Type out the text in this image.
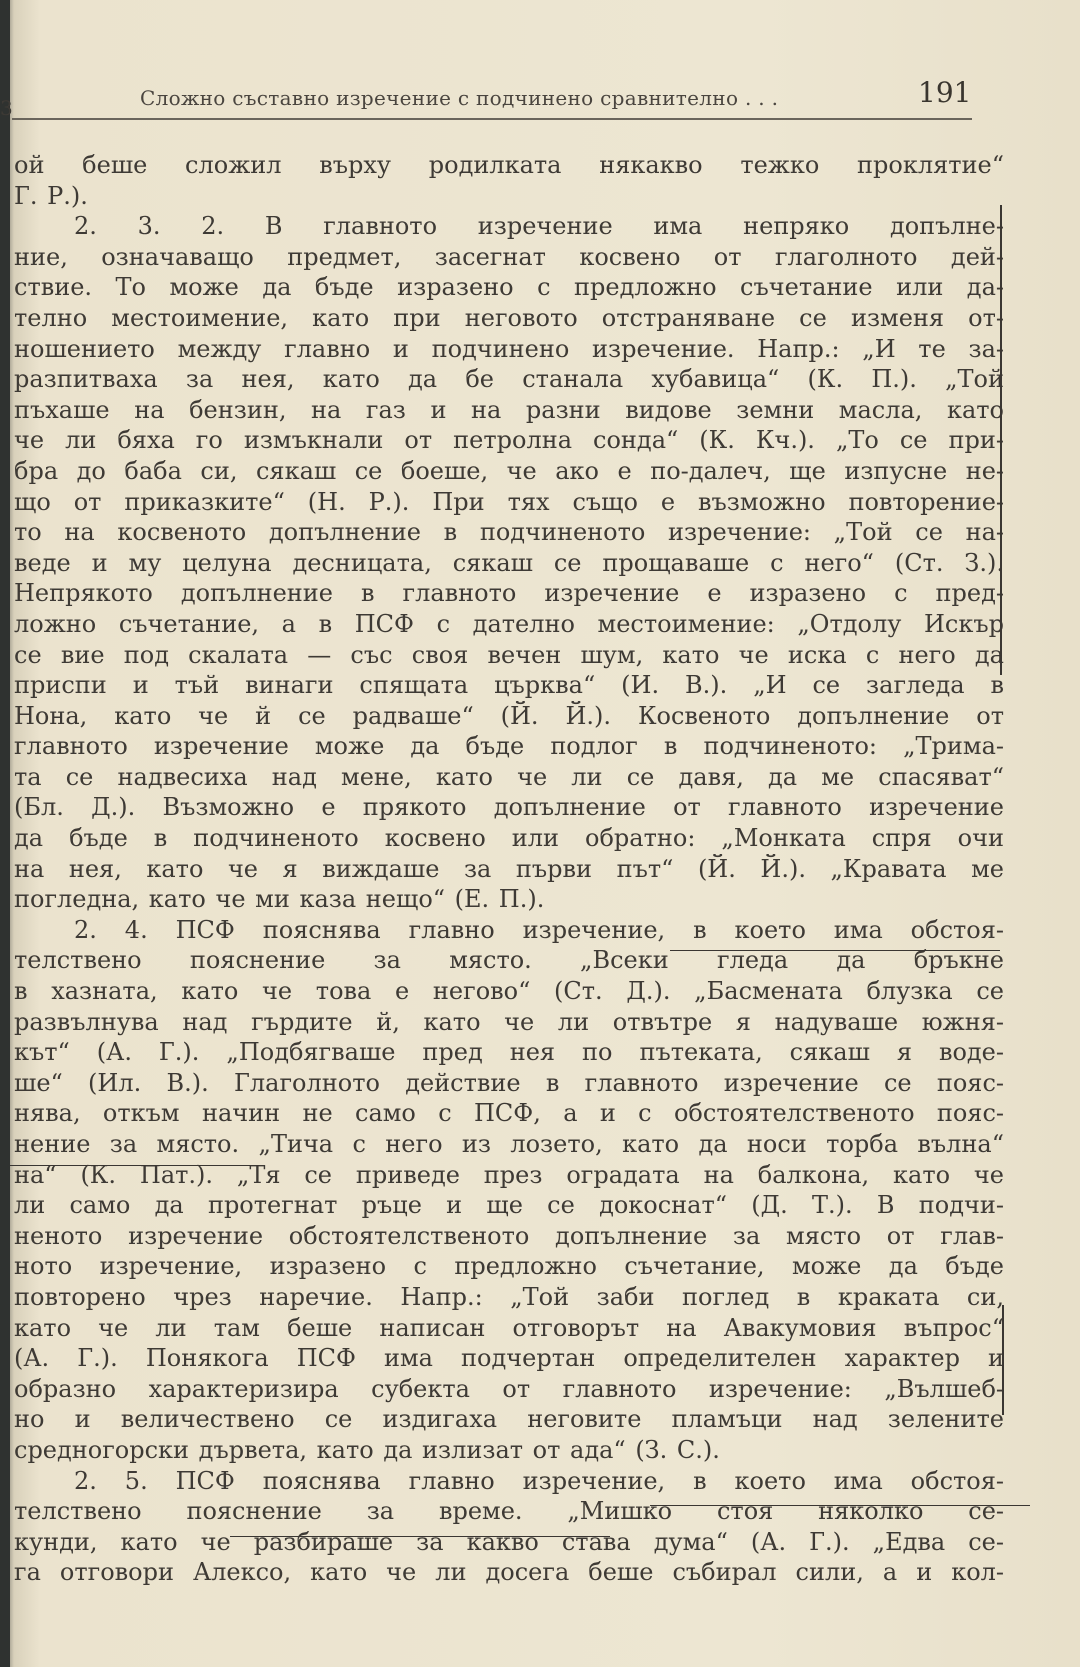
3	Сложно съставно изречение с подчинено сравнително . . .	191
ой беше сложил върху родилката някакво тежко проклятие“
Г. Р.).
2. 3. 2. В главното изречение има непряко допълне-
ние, означаващо предмет, засегнат косвено от глаголното дей-
ствие. То може да бъде изразено с предложно съчетание или да-
телно местоимение, като при неговото отстраняване се изменя от-
ношението между главно и подчинено изречение. Напр.: „И те за-
разпитваха за нея, като да бе станала хубавица“ (К. П.). „Той
пъхаше на бензин, на газ и на разни видове земни масла, като
че ли бяха го измъкнали от петролна сонда“ (К. Кч.). „То се при-
бра до баба си, сякаш се боеше, че ако е по-далеч, ще изпусне не-
що от приказките“ (Н. Р.). При тях също е възможно повторение-
то на косвеното допълнение в подчиненото изречение: „Той се на-
веде и му целуна десницата, сякаш се прощаваше с него“ (Ст. З.).
Непрякото допълнение в главното изречение е изразено с пред-
ложно съчетание, а в ПСФ с дателно местоимение: „Отдолу Искър
се вие под скалата — със своя вечен шум, като че иска с него да
приспи и тъй винаги спящата църква“ (И. В.). „И се загледа в
Нона, като че й се радваше“ (Й. Й.). Косвеното допълнение от
главното изречение може да бъде подлог в подчиненото: „Трима-
та се надвесиха над мене, като че ли се давя, да ме спасяват“
(Бл. Д.). Възможно е прякото допълнение от главното изречение
да бъде в подчиненото косвено или обратно: „Монката спря очи
на нея, като че я виждаше за първи път“ (Й. Й.). „Кравата ме
погледна, като че ми каза нещо“ (Е. П.).
2. 4. ПСФ пояснява главно изречение, в което има обстоя-
телствено пояснение за място. „Всеки гледа да бръкне
в хазната, като че това е негово“ (Ст. Д.). „Басмената блузка се
развълнува над гърдите й, като че ли отвътре я надуваше южня-
кът“ (А. Г.). „Подбягваше пред нея по пътеката, сякаш я воде-
ше“ (Ил. В.). Глаголното действие в главното изречение се пояс-
нява, откъм начин не само с ПСФ, а и с обстоятелственото пояс-
нение за място. „Тича с него из лозето, като да носи торба вълна“
на“ (К. Пат.). „Тя се приведе през оградата на балкона, като че
ли само да протегнат ръце и ще се докоснат“ (Д. Т.). В подчи-
неното изречение обстоятелственото допълнение за място от глав-
ното изречение, изразено с предложно съчетание, може да бъде
повторено чрез наречие. Напр.: „Той заби поглед в краката си,
като че ли там беше написан отговорът на Авакумовия въпрос“
(А. Г.). Понякога ПСФ има подчертан определителен характер и
образно характеризира субекта от главното изречение: „Вълшеб-
но и величествено се издигаха неговите пламъци над зелените
средногорски дървета, като да излизат от ада“ (З. С.).
2. 5. ПСФ пояснява главно изречение, в което има обстоя-
телствено пояснение за време. „Мишко стоя няколко се-
кунди, като че разбираше за какво става дума“ (А. Г.). „Едва се-
га отговори Алексо, като че ли досега беше събирал сили, а и кол-
